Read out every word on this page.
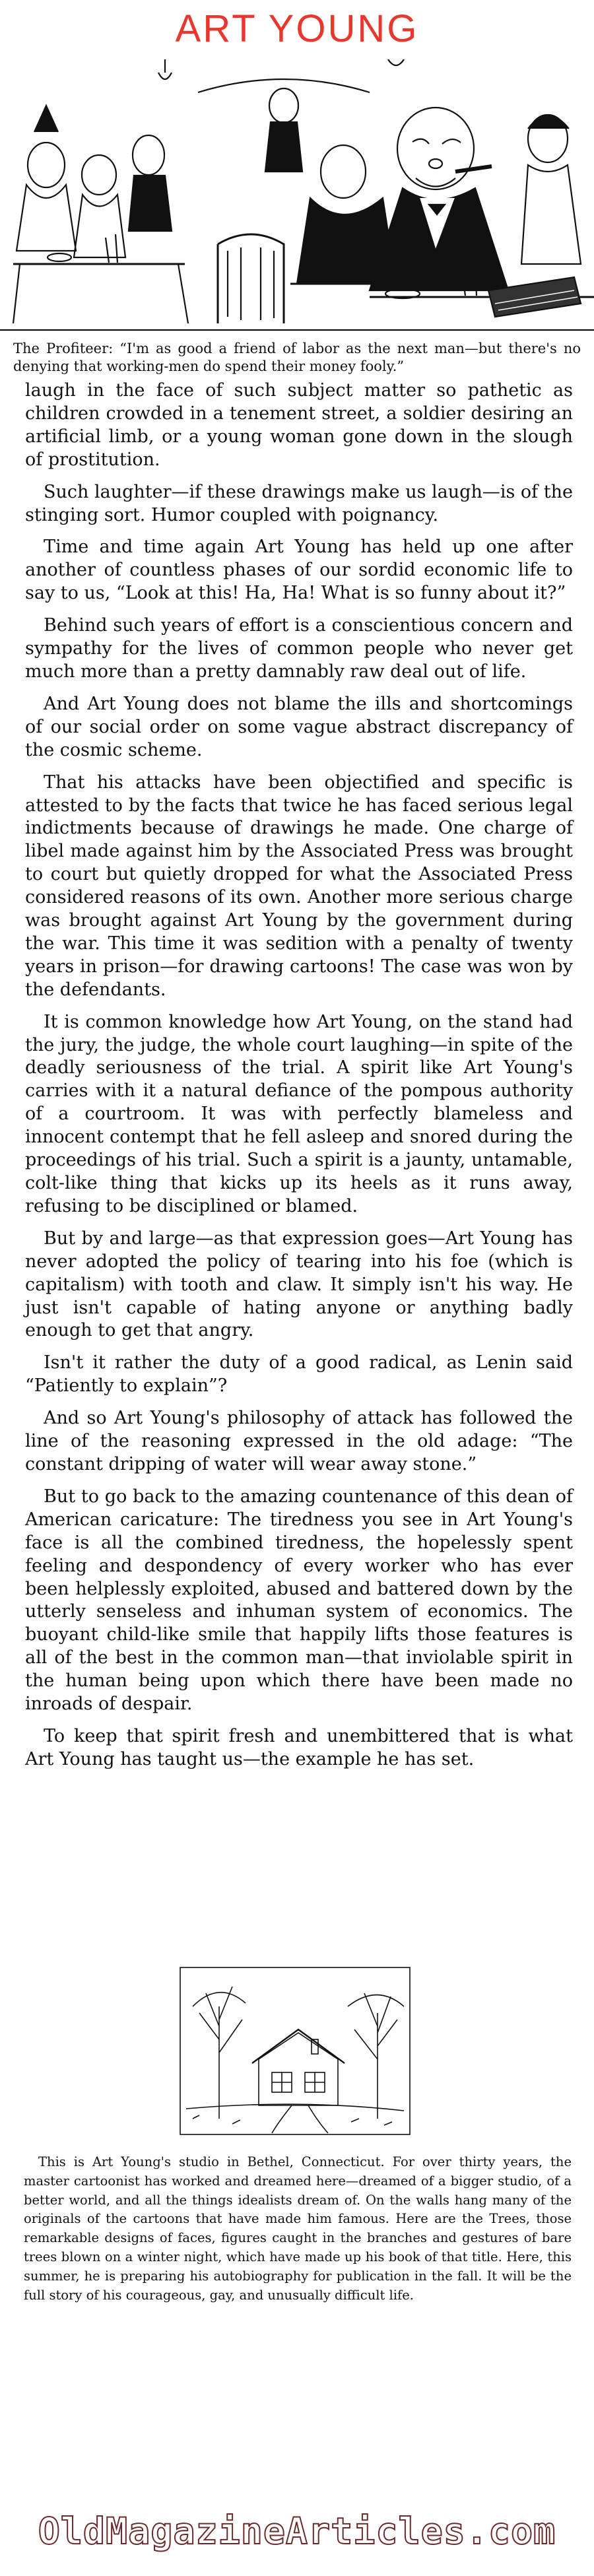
ART YOUNG
The Profiteer: “I'm as good a friend of labor as the next man—but there's no denying that working-men do spend their money fooly.”

laugh in the face of such subject matter so pathetic as children crowded in a tenement street, a soldier desiring an artificial limb, or a young woman gone down in the slough of prostitution.

Such laughter—if these drawings make us laugh—is of the stinging sort. Humor coupled with poignancy.

Time and time again Art Young has held up one after another of countless phases of our sordid economic life to say to us, “Look at this! Ha, Ha! What is so funny about it?”

Behind such years of effort is a conscientious concern and sympathy for the lives of common people who never get much more than a pretty damnably raw deal out of life.

And Art Young does not blame the ills and shortcomings of our social order on some vague abstract discrepancy of the cosmic scheme.

That his attacks have been objectified and specific is attested to by the facts that twice he has faced serious legal indictments because of drawings he made. One charge of libel made against him by the Associated Press was brought to court but quietly dropped for what the Associated Press considered reasons of its own. Another more serious charge was brought against Art Young by the government during the war. This time it was sedition with a penalty of twenty years in prison—for drawing cartoons! The case was won by the defendants.

It is common knowledge how Art Young, on the stand had the jury, the judge, the whole court laughing—in spite of the deadly seriousness of the trial. A spirit like Art Young's carries with it a natural defiance of the pompous authority of a courtroom. It was with perfectly blameless and innocent contempt that he fell asleep and snored during the proceedings of his trial. Such a spirit is a jaunty, untamable, colt-like thing that kicks up its heels as it runs away, refusing to be disciplined or blamed.

But by and large—as that expression goes—Art Young has never adopted the policy of tearing into his foe (which is capitalism) with tooth and claw. It simply isn't his way. He just isn't capable of hating anyone or anything badly enough to get that angry.

Isn't it rather the duty of a good radical, as Lenin said “Patiently to explain”?

And so Art Young's philosophy of attack has followed the line of the reasoning expressed in the old adage: “The constant dripping of water will wear away stone.”

But to go back to the amazing countenance of this dean of American caricature: The tiredness you see in Art Young's face is all the combined tiredness, the hopelessly spent feeling and despondency of every worker who has ever been helplessly exploited, abused and battered down by the utterly senseless and inhuman system of economics. The buoyant child-like smile that happily lifts those features is all of the best in the common man—that inviolable spirit in the human being upon which there have been made no inroads of despair.

To keep that spirit fresh and unembittered that is what Art Young has taught us—the example he has set.

This is Art Young's studio in Bethel, Connecticut. For over thirty years, the master cartoonist has worked and dreamed here—dreamed of a bigger studio, of a better world, and all the things idealists dream of. On the walls hang many of the originals of the cartoons that have made him famous. Here are the Trees, those remarkable designs of faces, figures caught in the branches and gestures of bare trees blown on a winter night, which have made up his book of that title. Here, this summer, he is preparing his autobiography for publication in the fall. It will be the full story of his courageous, gay, and unusually difficult life.
OldMagazineArticles.com
